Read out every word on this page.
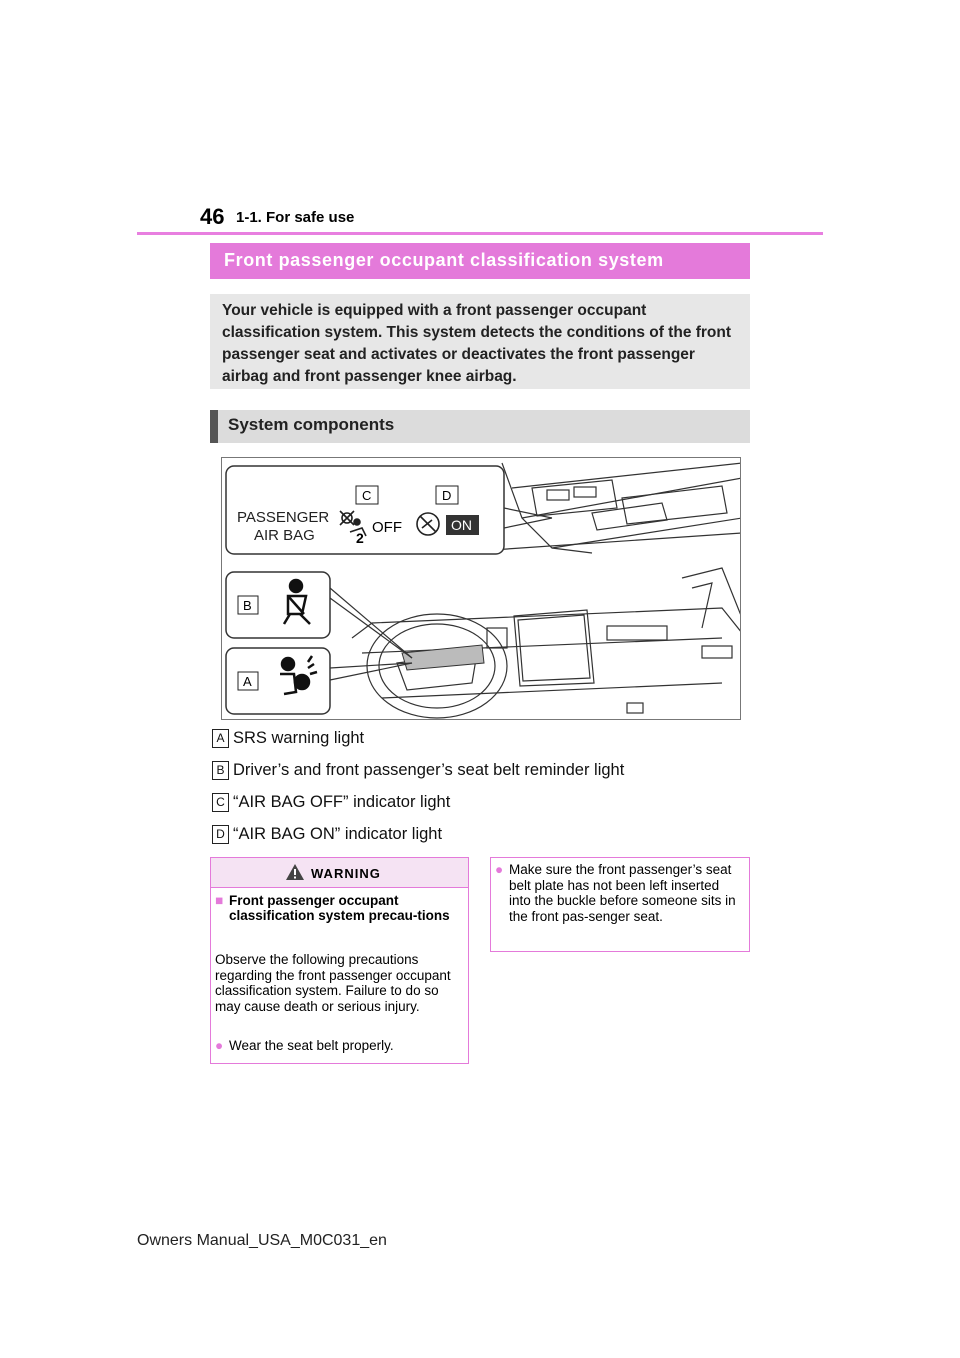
46 1-1. For safe use
Front passenger occupant classification system
Your vehicle is equipped with a front passenger occupant classification system. This system detects the conditions of the front passenger seat and activates or deactivates the front passenger airbag and front passenger knee airbag.
System components
PASSENGER
AIR BAG
C	D
2
OFF	ON
B
A
A SRS warning light
B Driver’s and front passenger’s seat belt reminder light
C “AIR BAG OFF” indicator light
D “AIR BAG ON” indicator light
WARNING
■ Front passenger occupant classification system precau-tions
Observe the following precautions regarding the front passenger occupant classification system. Failure to do so may cause death or serious injury.
● Wear the seat belt properly.
● Make sure the front passenger’s seat belt plate has not been left inserted into the buckle before someone sits in the front pas-senger seat.
Owners Manual_USA_M0C031_en
